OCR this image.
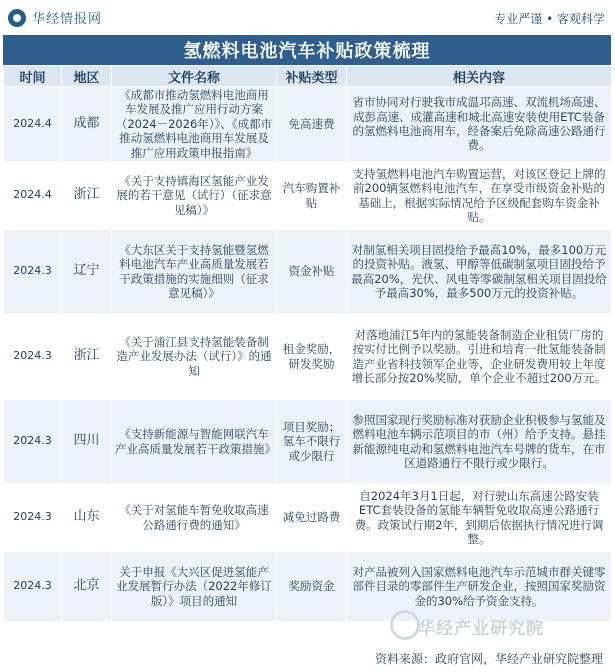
华经情报网	专业严谨 • 客观科学
氢燃料电池汽车补贴政策梳理
时间	地区	文件名称	补贴类型	相关内容
2024.4	成都	《成都市推动氢燃料电池商用车发展及推广应用行动方案（2024－2026年）》、《成都市推动氢燃料电池商用车发展及推广应用政策申报指南》	免高速费	省市协同对行驶我市成温邛高速、双流机场高速、成彭高速、成灌高速和城北高速安装使用ETC装备的氢燃料电池商用车，经备案后免除高速公路通行费。
2024.4	浙江	《关于支持镇海区氢能产业发展的若干意见（试行）（征求意见稿）》	汽车购置补贴	支持氢燃料电池汽车购置运营，对该区登记上牌的前200辆氢燃料电池汽车，在享受市级资金补贴的基础上，根据实际情况给予区级配套购车资金补贴。
2024.3	辽宁	《大东区关于支持氢能暨氢燃料电池汽车产业高质量发展若干政策措施的实施细则（征求意见稿）》	资金补贴	对制氢相关项目固投给予最高10%，最多100万元的投资补贴。液氢、甲醇等低碳制氢项目固投给予最高20%，光伏、风电等零碳制氢相关项目固投给予最高30%，最多500万元的投资补贴。
2024.3	浙江	《关于浦江县支持氢能装备制造产业发展办法（试行）》的通知	租金奖励，研发奖励	对落地浦江5年内的氢能装备制造企业租赁厂房的按实付比例予以奖励。引进和培育一批氢能装备制造产业省科技领军企业等，企业研发费用较上年度增长部分按20%奖励，单个企业不超过200万元。
2024.3	四川	《支持新能源与智能网联汽车产业高质量发展若干政策措施》	项目奖励；氢车不限行或少限行	参照国家现行奖励标准对获励企业积极参与氢能及燃料电池车辆示范项目的市（州）给予支持。悬挂新能源纯电动和氢燃料电池汽车号牌的货车，在市区道路通行不限行或少限行。
2024.3	山东	《关于对氢能车暂免收取高速公路通行费的通知》	减免过路费	自2024年3月1日起，对行驶山东高速公路安装ETC套装设备的氢能车辆暂免收取高速公路通行费。政策试行期2年，到期后依据执行情况进行调整。
2024.3	北京	关于申报《大兴区促进氢能产业发展暂行办法（2022年修订版）》项目的通知	奖励资金	对产品被列入国家燃料电池汽车示范城市群关键零部件目录的零部件生产研发企业，按照国家奖励资金的30%给予资金支持。
华经产业研究院
资料来源：政府官网，华经产业研究院整理
